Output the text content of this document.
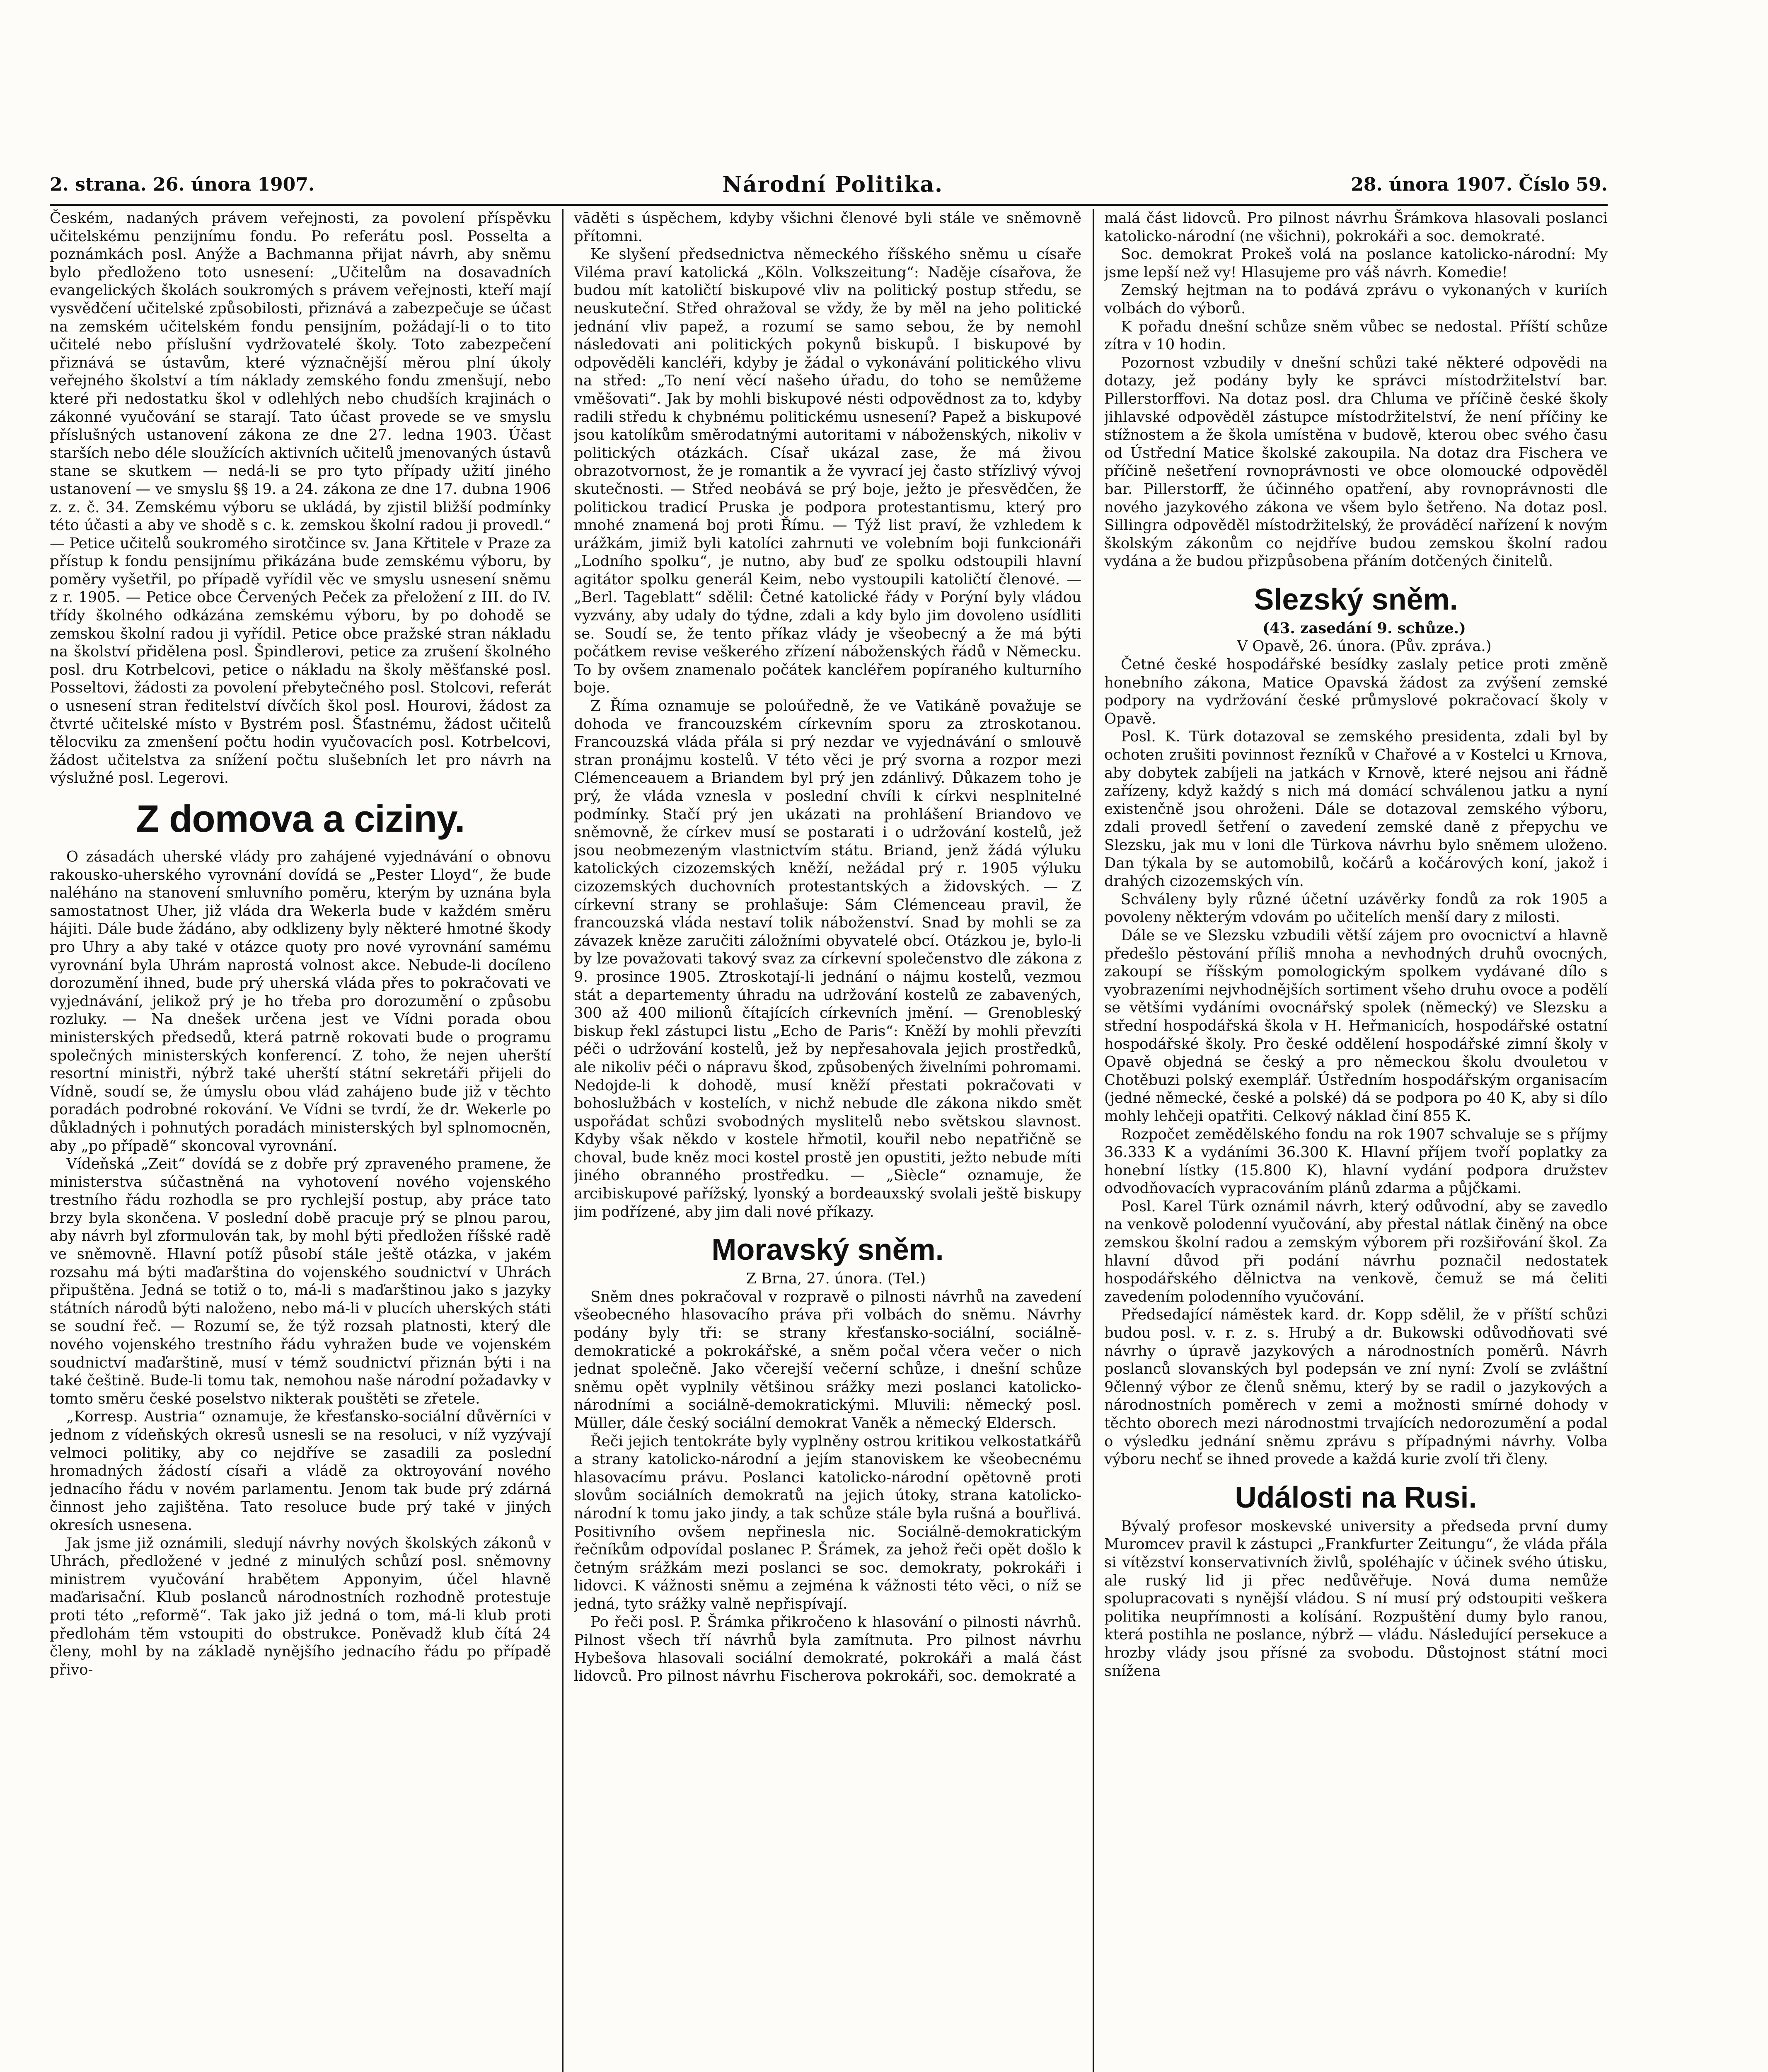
2. strana. 26. února 1907.	Národní Politika.	28. února 1907. Číslo 59.

Českém, nadaných právem veřejnosti, za povolení příspěvku učitelskému penzijnímu fondu. Po referátu posl. Posselta a poznámkách posl. Anýže a Bachmanna přijat návrh, aby sněmu bylo předloženo toto usnesení: „Učitelům na dosavadních evangelických školách soukromých s právem veřejnosti, kteří mají vysvědčení učitelské způsobilosti, přiznává a zabezpečuje se účast na zemském učitelském fondu pensijním, požádají-li o to tito učitelé nebo příslušní vydržovatelé školy. Toto zabezpečení přiznává se ústavům, které význačnější měrou plní úkoly veřejného školství a tím náklady zemského fondu zmenšují, nebo které při nedostatku škol v odlehlých nebo chudších krajinách o zákonné vyučování se starají. Tato účast provede se ve smyslu příslušných ustanovení zákona ze dne 27. ledna 1903. Účast starších nebo déle sloužících aktivních učitelů jmenovaných ústavů stane se skutkem — nedá-li se pro tyto případy užití jiného ustanovení — ve smyslu §§ 19. a 24. zákona ze dne 17. dubna 1906 z. z. č. 34. Zemskému výboru se ukládá, by zjistil bližší podmínky této účasti a aby ve shodě s c. k. zemskou školní radou ji provedl.“ — Petice učitelů soukromého sirotčince sv. Jana Křtitele v Praze za přístup k fondu pensijnímu přikázána bude zemskému výboru, by poměry vyšetřil, po případě vyřídil věc ve smyslu usnesení sněmu z r. 1905. — Petice obce Červených Peček za přeložení z III. do IV. třídy školného odkázána zemskému výboru, by po dohodě se zemskou školní radou ji vyřídil. Petice obce pražské stran nákladu na školství přidělena posl. Špindlerovi, petice za zrušení školného posl. dru Kotrbelcovi, petice o nákladu na školy měšťanské posl. Posseltovi, žádosti za povolení přebytečného posl. Stolcovi, referát o usnesení stran ředitelství dívčích škol posl. Hourovi, žádost za čtvrté učitelské místo v Bystrém posl. Šťastnému, žádost učitelů tělocviku za zmenšení počtu hodin vyučovacích posl. Kotrbelcovi, žádost učitelstva za snížení počtu slušebních let pro návrh na výslužné posl. Legerovi.

Z domova a ciziny.

O zásadách uherské vlády pro zahájené vyjednávání o obnovu rakousko-uherského vyrovnání dovídá se „Pester Lloyd“, že bude naléháno na stanovení smluvního poměru, kterým by uznána byla samostatnost Uher, již vláda dra Wekerla bude v každém směru hájiti. Dále bude žádáno, aby odklizeny byly některé hmotné škody pro Uhry a aby také v otázce quoty pro nové vyrovnání samému vyrovnání byla Uhrám naprostá volnost akce. Nebude-li docíleno dorozumění ihned, bude prý uherská vláda přes to pokračovati ve vyjednávání, jelikož prý je ho třeba pro dorozumění o způsobu rozluky. — Na dnešek určena jest ve Vídni porada obou ministerských předsedů, která patrně rokovati bude o programu společných ministerských konferencí. Z toho, že nejen uherští resortní ministři, nýbrž také uherští státní sekretáři přijeli do Vídně, soudí se, že úmyslu obou vlád zahájeno bude již v těchto poradách podrobné rokování. Ve Vídni se tvrdí, že dr. Wekerle po důkladných i pohnutých poradách ministerských byl splnomocněn, aby „po případě“ skoncoval vyrovnání.

Vídeňská „Zeit“ dovídá se z dobře prý zpraveného pramene, že ministerstva súčastněná na vyhotovení nového vojenského trestního řádu rozhodla se pro rychlejší postup, aby práce tato brzy byla skončena. V poslední době pracuje prý se plnou parou, aby návrh byl zformulován tak, by mohl býti předložen říšské radě ve sněmovně. Hlavní potíž působí stále ještě otázka, v jakém rozsahu má býti maďarština do vojenského soudnictví v Uhrách připuštěna. Jedná se totiž o to, má-li s maďarštinou jako s jazyky státních národů býti naloženo, nebo má-li v plucích uherských státi se soudní řeč. — Rozumí se, že týž rozsah platnosti, který dle nového vojenského trestního řádu vyhražen bude ve vojenském soudnictví maďarštině, musí v témž soudnictví přiznán býti i na také češtině. Bude-li tomu tak, nemohou naše národní požadavky v tomto směru české poselstvo nikterak pouštěti se zřetele.

„Korresp. Austria“ oznamuje, že křesťansko-sociální důvěrníci v jednom z vídeňských okresů usnesli se na resoluci, v níž vyzývají velmoci politiky, aby co nejdříve se zasadili za poslední hromadných žádostí císaři a vládě za oktroyování nového jednacího řádu v novém parlamentu. Jenom tak bude prý zdárná činnost jeho zajištěna. Tato resoluce bude prý také v jiných okresích usnesena.

Jak jsme již oznámili, sledují návrhy nových školských zákonů v Uhrách, předložené v jedné z minulých schůzí posl. sněmovny ministrem vyučování hrabětem Apponyim, účel hlavně maďarisační. Klub poslanců národnostních rozhodně protestuje proti této „reformě“. Tak jako již jedná o tom, má-li klub proti předlohám těm vstoupiti do obstrukce. Poněvadž klub čítá 24 členy, mohl by na základě nynějšího jednacího řádu po případě přivo-

vāděti s úspěchem, kdyby všichni členové byli stále ve sněmovně přítomni.

Ke slyšení předsednictva německého říšského sněmu u císaře Viléma praví katolická „Köln. Volkszeitung“: Naděje císařova, že budou mít katoličtí biskupové vliv na politický postup středu, se neuskuteční. Střed ohražoval se vždy, že by měl na jeho politické jednání vliv papež, a rozumí se samo sebou, že by nemohl následovati ani politických pokynů biskupů. I biskupové by odpověděli kancléři, kdyby je žádal o vykonávání politického vlivu na střed: „To není věcí našeho úřadu, do toho se nemůžeme vměšovati“. Jak by mohli biskupové nésti odpovědnost za to, kdyby radili středu k chybnému politickému usnesení? Papež a biskupové jsou katolíkům směrodatnými autoritami v náboženských, nikoliv v politických otázkách. Císař ukázal zase, že má živou obrazotvornost, že je romantik a že vyvrací jej často střízlivý vývoj skutečnosti. — Střed neobává se prý boje, ježto je přesvědčen, že politickou tradicí Pruska je podpora protestantismu, který pro mnohé znamená boj proti Římu. — Týž list praví, že vzhledem k urážkám, jimiž byli katolíci zahrnuti ve volebním boji funkcionáři „Lodního spolku“, je nutno, aby buď ze spolku odstoupili hlavní agitátor spolku generál Keim, nebo vystoupili katoličtí členové. — „Berl. Tageblatt“ sdělil: Četné katolické řády v Porýní byly vládou vyzvány, aby udaly do týdne, zdali a kdy bylo jim dovoleno usídliti se. Soudí se, že tento příkaz vlády je všeobecný a že má býti počátkem revise veškerého zřízení náboženských řádů v Německu. To by ovšem znamenalo počátek kancléřem popíraného kulturního boje.

Z Říma oznamuje se poloúředně, že ve Vatikáně považuje se dohoda ve francouzském církevním sporu za ztroskotanou. Francouzská vláda přála si prý nezdar ve vyjednávání o smlouvě stran pronájmu kostelů. V této věci je prý svorna a rozpor mezi Clémenceauem a Briandem byl prý jen zdánlivý. Důkazem toho je prý, že vláda vznesla v poslední chvíli k církvi nesplnitelné podmínky. Stačí prý jen ukázati na prohlášení Briandovo ve sněmovně, že církev musí se postarati i o udržování kostelů, jež jsou neobmezeným vlastnictvím státu. Briand, jenž žádá výluku katolických cizozemských kněží, nežádal prý r. 1905 výluku cizozemských duchovních protestantských a židovských. — Z církevní strany se prohlašuje: Sám Clémenceau pravil, že francouzská vláda nestaví tolik náboženství. Snad by mohli se za závazek kněze zaručiti záložními obyvatelé obcí. Otázkou je, bylo-li by lze považovati takový svaz za církevní společenstvo dle zákona z 9. prosince 1905. Ztroskotají-li jednání o nájmu kostelů, vezmou stát a departementy úhradu na udržování kostelů ze zabavených, 300 až 400 milionů čítajících církevních jmění. — Grenobleský biskup řekl zástupci listu „Echo de Paris“: Kněží by mohli převzíti péči o udržování kostelů, jež by nepřesahovala jejich prostředků, ale nikoliv péči o nápravu škod, způsobených živelními pohromami. Nedojde-li k dohodě, musí kněží přestati pokračovati v bohoslužbách v kostelích, v nichž nebude dle zákona nikdo smět uspořádat schůzi svobodných myslitelů nebo světskou slavnost. Kdyby však někdo v kostele hřmotil, kouřil nebo nepatřičně se choval, bude kněz moci kostel prostě jen opustiti, ježto nebude míti jiného obranného prostředku. — „Siècle“ oznamuje, že arcibiskupové pařížský, lyonský a bordeauxský svolali ještě biskupy jim podřízené, aby jim dali nové příkazy.

Moravský sněm.

Z Brna, 27. února. (Tel.)

Sněm dnes pokračoval v rozpravě o pilnosti návrhů na zavedení všeobecného hlasovacího práva při volbách do sněmu. Návrhy podány byly tři: se strany křesťansko-sociální, sociálně-demokratické a pokrokářské, a sněm počal včera večer o nich jednat společně. Jako včerejší večerní schůze, i dnešní schůze sněmu opět vyplnily většinou srážky mezi poslanci katolicko-národními a sociálně-demokratickými. Mluvili: německý posl. Müller, dále český sociální demokrat Vaněk a německý Eldersch.

Řeči jejich tentokráte byly vyplněny ostrou kritikou velkostatkářů a strany katolicko-národní a jejím stanoviskem ke všeobecnému hlasovacímu právu. Poslanci katolicko-národní opětovně proti slovům sociálních demokratů na jejich útoky, strana katolicko-národní k tomu jako jindy, a tak schůze stále byla rušná a bouřlivá. Positivního ovšem nepřinesla nic. Sociálně-demokratickým řečníkům odpovídal poslanec P. Šrámek, za jehož řeči opět došlo k četným srážkám mezi poslanci se soc. demokraty, pokrokáři i lidovci. K vážnosti sněmu a zejména k vážnosti této věci, o níž se jedná, tyto srážky valně nepřispívají.

Po řeči posl. P. Šrámka přikročeno k hlasování o pilnosti návrhů. Pilnost všech tří návrhů byla zamítnuta. Pro pilnost návrhu Hybešova hlasovali sociální demokraté, pokrokáři a malá část lidovců. Pro pilnost návrhu Fischerova pokrokáři, soc. demokraté a

malá část lidovců. Pro pilnost návrhu Šrámkova hlasovali poslanci katolicko-národní (ne všichni), pokrokáři a soc. demokraté.

Soc. demokrat Prokeš volá na poslance katolicko-národní: My jsme lepší než vy! Hlasujeme pro váš návrh. Komedie!

Zemský hejtman na to podává zprávu o vykonaných v kuriích volbách do výborů.

K pořadu dnešní schůze sněm vůbec se nedostal. Příští schůze zítra v 10 hodin.

Pozornost vzbudily v dnešní schůzi také některé odpovědi na dotazy, jež podány byly ke správci místodržitelství bar. Pillerstorffovi. Na dotaz posl. dra Chluma ve příčině české školy jihlavské odpověděl zástupce místodržitelství, že není příčiny ke stížnostem a že škola umístěna v budově, kterou obec svého času od Ústřední Matice školské zakoupila. Na dotaz dra Fischera ve příčině nešetření rovnoprávnosti ve obce olomoucké odpověděl bar. Pillerstorff, že účinného opatření, aby rovnoprávnosti dle nového jazykového zákona ve všem bylo šetřeno. Na dotaz posl. Sillingra odpověděl místodržitelský, že prováděcí nařízení k novým školským zákonům co nejdříve budou zemskou školní radou vydána a že budou přizpůsobena přáním dotčených činitelů.

Slezský sněm.

(43. zasedání 9. schůze.)

V Opavě, 26. února. (Pův. zpráva.)

Četné české hospodářské besídky zaslaly petice proti změně honebního zákona, Matice Opavská žádost za zvýšení zemské podpory na vydržování české průmyslové pokračovací školy v Opavě.

Posl. K. Türk dotazoval se zemského presidenta, zdali byl by ochoten zrušiti povinnost řezníků v Chařové a v Kostelci u Krnova, aby dobytek zabíjeli na jatkách v Krnově, které nejsou ani řádně zařízeny, když každý s nich má domácí schválenou jatku a nyní existenčně jsou ohroženi. Dále se dotazoval zemského výboru, zdali provedl šetření o zavedení zemské daně z přepychu ve Slezsku, jak mu v loni dle Türkova návrhu bylo sněmem uloženo. Dan týkala by se automobilů, kočárů a kočárových koní, jakož i drahých cizozemských vín.

Schváleny byly různé účetní uzávěrky fondů za rok 1905 a povoleny některým vdovám po učitelích menší dary z milosti.

Dále se ve Slezsku vzbudili větší zájem pro ovocnictví a hlavně předešlo pěstování příliš mnoha a nevhodných druhů ovocných, zakoupí se říšským pomologickým spolkem vydávané dílo s vyobrazeními nejvhodnějších sortiment všeho druhu ovoce a podělí se většími vydáními ovocnářský spolek (německý) ve Slezsku a střední hospodářská škola v H. Heřmanicích, hospodářské ostatní hospodářské školy. Pro české oddělení hospodářské zimní školy v Opavě objedná se český a pro německou školu dvouletou v Chotěbuzi polský exemplář. Ústředním hospodářským organisacím (jedné německé, české a polské) dá se podpora po 40 K, aby si dílo mohly lehčeji opatřiti. Celkový náklad činí 855 K.

Rozpočet zemědělského fondu na rok 1907 schvaluje se s příjmy 36.333 K a vydáními 36.300 K. Hlavní příjem tvoří poplatky za honební lístky (15.800 K), hlavní vydání podpora družstev odvodňovacích vypracováním plánů zdarma a půjčkami.

Posl. Karel Türk oznámil návrh, který odůvodní, aby se zavedlo na venkově polodenní vyučování, aby přestal nátlak činěný na obce zemskou školní radou a zemským výborem při rozšiřování škol. Za hlavní důvod při podání návrhu poznačil nedostatek hospodářského dělnictva na venkově, čemuž se má čeliti zavedením polodenního vyučování.

Předsedající náměstek kard. dr. Kopp sdělil, že v příští schůzi budou posl. v. r. z. s. Hrubý a dr. Bukowski odůvodňovati své návrhy o úpravě jazykových a národnostních poměrů. Návrh poslanců slovanských byl podepsán ve zní nyní: Zvolí se zvláštní 9členný výbor ze členů sněmu, který by se radil o jazykových a národnostních poměrech v zemi a možnosti smírné dohody v těchto oborech mezi národnostmi trvajících nedorozumění a podal o výsledku jednání sněmu zprávu s případnými návrhy. Volba výboru nechť se ihned provede a každá kurie zvolí tři členy.

Události na Rusi.

Bývalý profesor moskevské university a předseda první dumy Muromcev pravil k zástupci „Frankfurter Zeitungu“, že vláda přála si vítězství konservativních živlů, spoléhajíc v účinek svého útisku, ale ruský lid ji přec nedůvěřuje. Nová duma nemůže spolupracovati s nynější vládou. S ní musí prý odstoupiti veškera politika neupřímnosti a kolísání. Rozpuštění dumy bylo ranou, která postihla ne poslance, nýbrž — vládu. Následující persekuce a hrozby vlády jsou přísné za svobodu. Důstojnost státní moci snížena
